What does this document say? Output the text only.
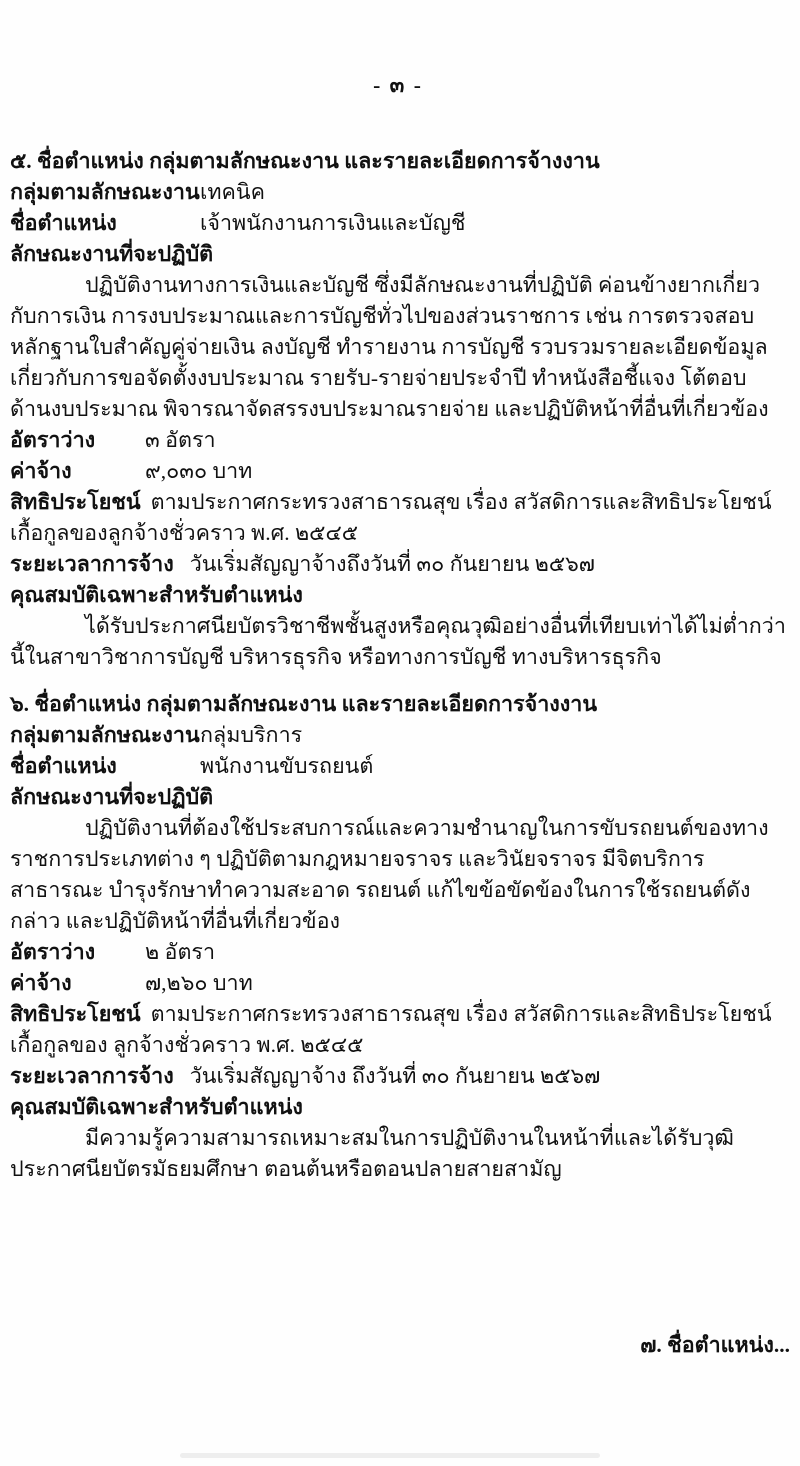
- ๓ -
๕. ชื่อตำแหน่ง กลุ่มตามลักษณะงาน และรายละเอียดการจ้างงาน
กลุ่มตามลักษณะงาน เทคนิค
ชื่อตำแหน่ง	เจ้าพนักงานการเงินและบัญชี
ลักษณะงานที่จะปฏิบัติ
ปฏิบัติงานทางการเงินและบัญชี ซึ่งมีลักษณะงานที่ปฏิบัติ ค่อนข้างยากเกี่ยวกับการเงิน การงบประมาณและการบัญชีทั่วไปของส่วนราชการ เช่น การตรวจสอบ หลักฐานใบสำคัญคู่จ่ายเงิน ลงบัญชี ทำรายงาน การบัญชี รวบรวมรายละเอียดข้อมูลเกี่ยวกับการขอจัดตั้งงบประมาณ รายรับ-รายจ่ายประจำปี ทำหนังสือชี้แจง โต้ตอบ ด้านงบประมาณ พิจารณาจัดสรรงบประมาณรายจ่าย และปฏิบัติหน้าที่อื่นที่เกี่ยวข้อง
อัตราว่าง	๓ อัตรา
ค่าจ้าง	๙,๐๓๐ บาท
สิทธิประโยชน์ ตามประกาศกระทรวงสาธารณสุข เรื่อง สวัสดิการและสิทธิประโยชน์เกื้อกูลของลูกจ้างชั่วคราว พ.ศ. ๒๕๔๕
ระยะเวลาการจ้าง วันเริ่มสัญญาจ้างถึงวันที่ ๓๐ กันยายน ๒๕๖๗
คุณสมบัติเฉพาะสำหรับตำแหน่ง
ได้รับประกาศนียบัตรวิชาชีพชั้นสูงหรือคุณวุฒิอย่างอื่นที่เทียบเท่าได้ไม่ต่ำกว่านี้ในสาขาวิชาการบัญชี บริหารธุรกิจ หรือทางการบัญชี ทางบริหารธุรกิจ
๖. ชื่อตำแหน่ง กลุ่มตามลักษณะงาน และรายละเอียดการจ้างงาน
กลุ่มตามลักษณะงาน กลุ่มบริการ
ชื่อตำแหน่ง	พนักงานขับรถยนต์
ลักษณะงานที่จะปฏิบัติ
ปฏิบัติงานที่ต้องใช้ประสบการณ์และความชำนาญในการขับรถยนต์ของทางราชการประเภทต่าง ๆ ปฏิบัติตามกฎหมายจราจร และวินัยจราจร มีจิตบริการสาธารณะ บำรุงรักษาทำความสะอาด รถยนต์ แก้ไขข้อขัดข้องในการใช้รถยนต์ดังกล่าว และปฏิบัติหน้าที่อื่นที่เกี่ยวข้อง
อัตราว่าง	๒ อัตรา
ค่าจ้าง	๗,๒๖๐ บาท
สิทธิประโยชน์ ตามประกาศกระทรวงสาธารณสุข เรื่อง สวัสดิการและสิทธิประโยชน์เกื้อกูลของ ลูกจ้างชั่วคราว พ.ศ. ๒๕๔๕
ระยะเวลาการจ้าง วันเริ่มสัญญาจ้าง ถึงวันที่ ๓๐ กันยายน ๒๕๖๗
คุณสมบัติเฉพาะสำหรับตำแหน่ง
มีความรู้ความสามารถเหมาะสมในการปฏิบัติงานในหน้าที่และได้รับวุฒิประกาศนียบัตรมัธยมศึกษา ตอนต้นหรือตอนปลายสายสามัญ
๗. ชื่อตำแหน่ง...
